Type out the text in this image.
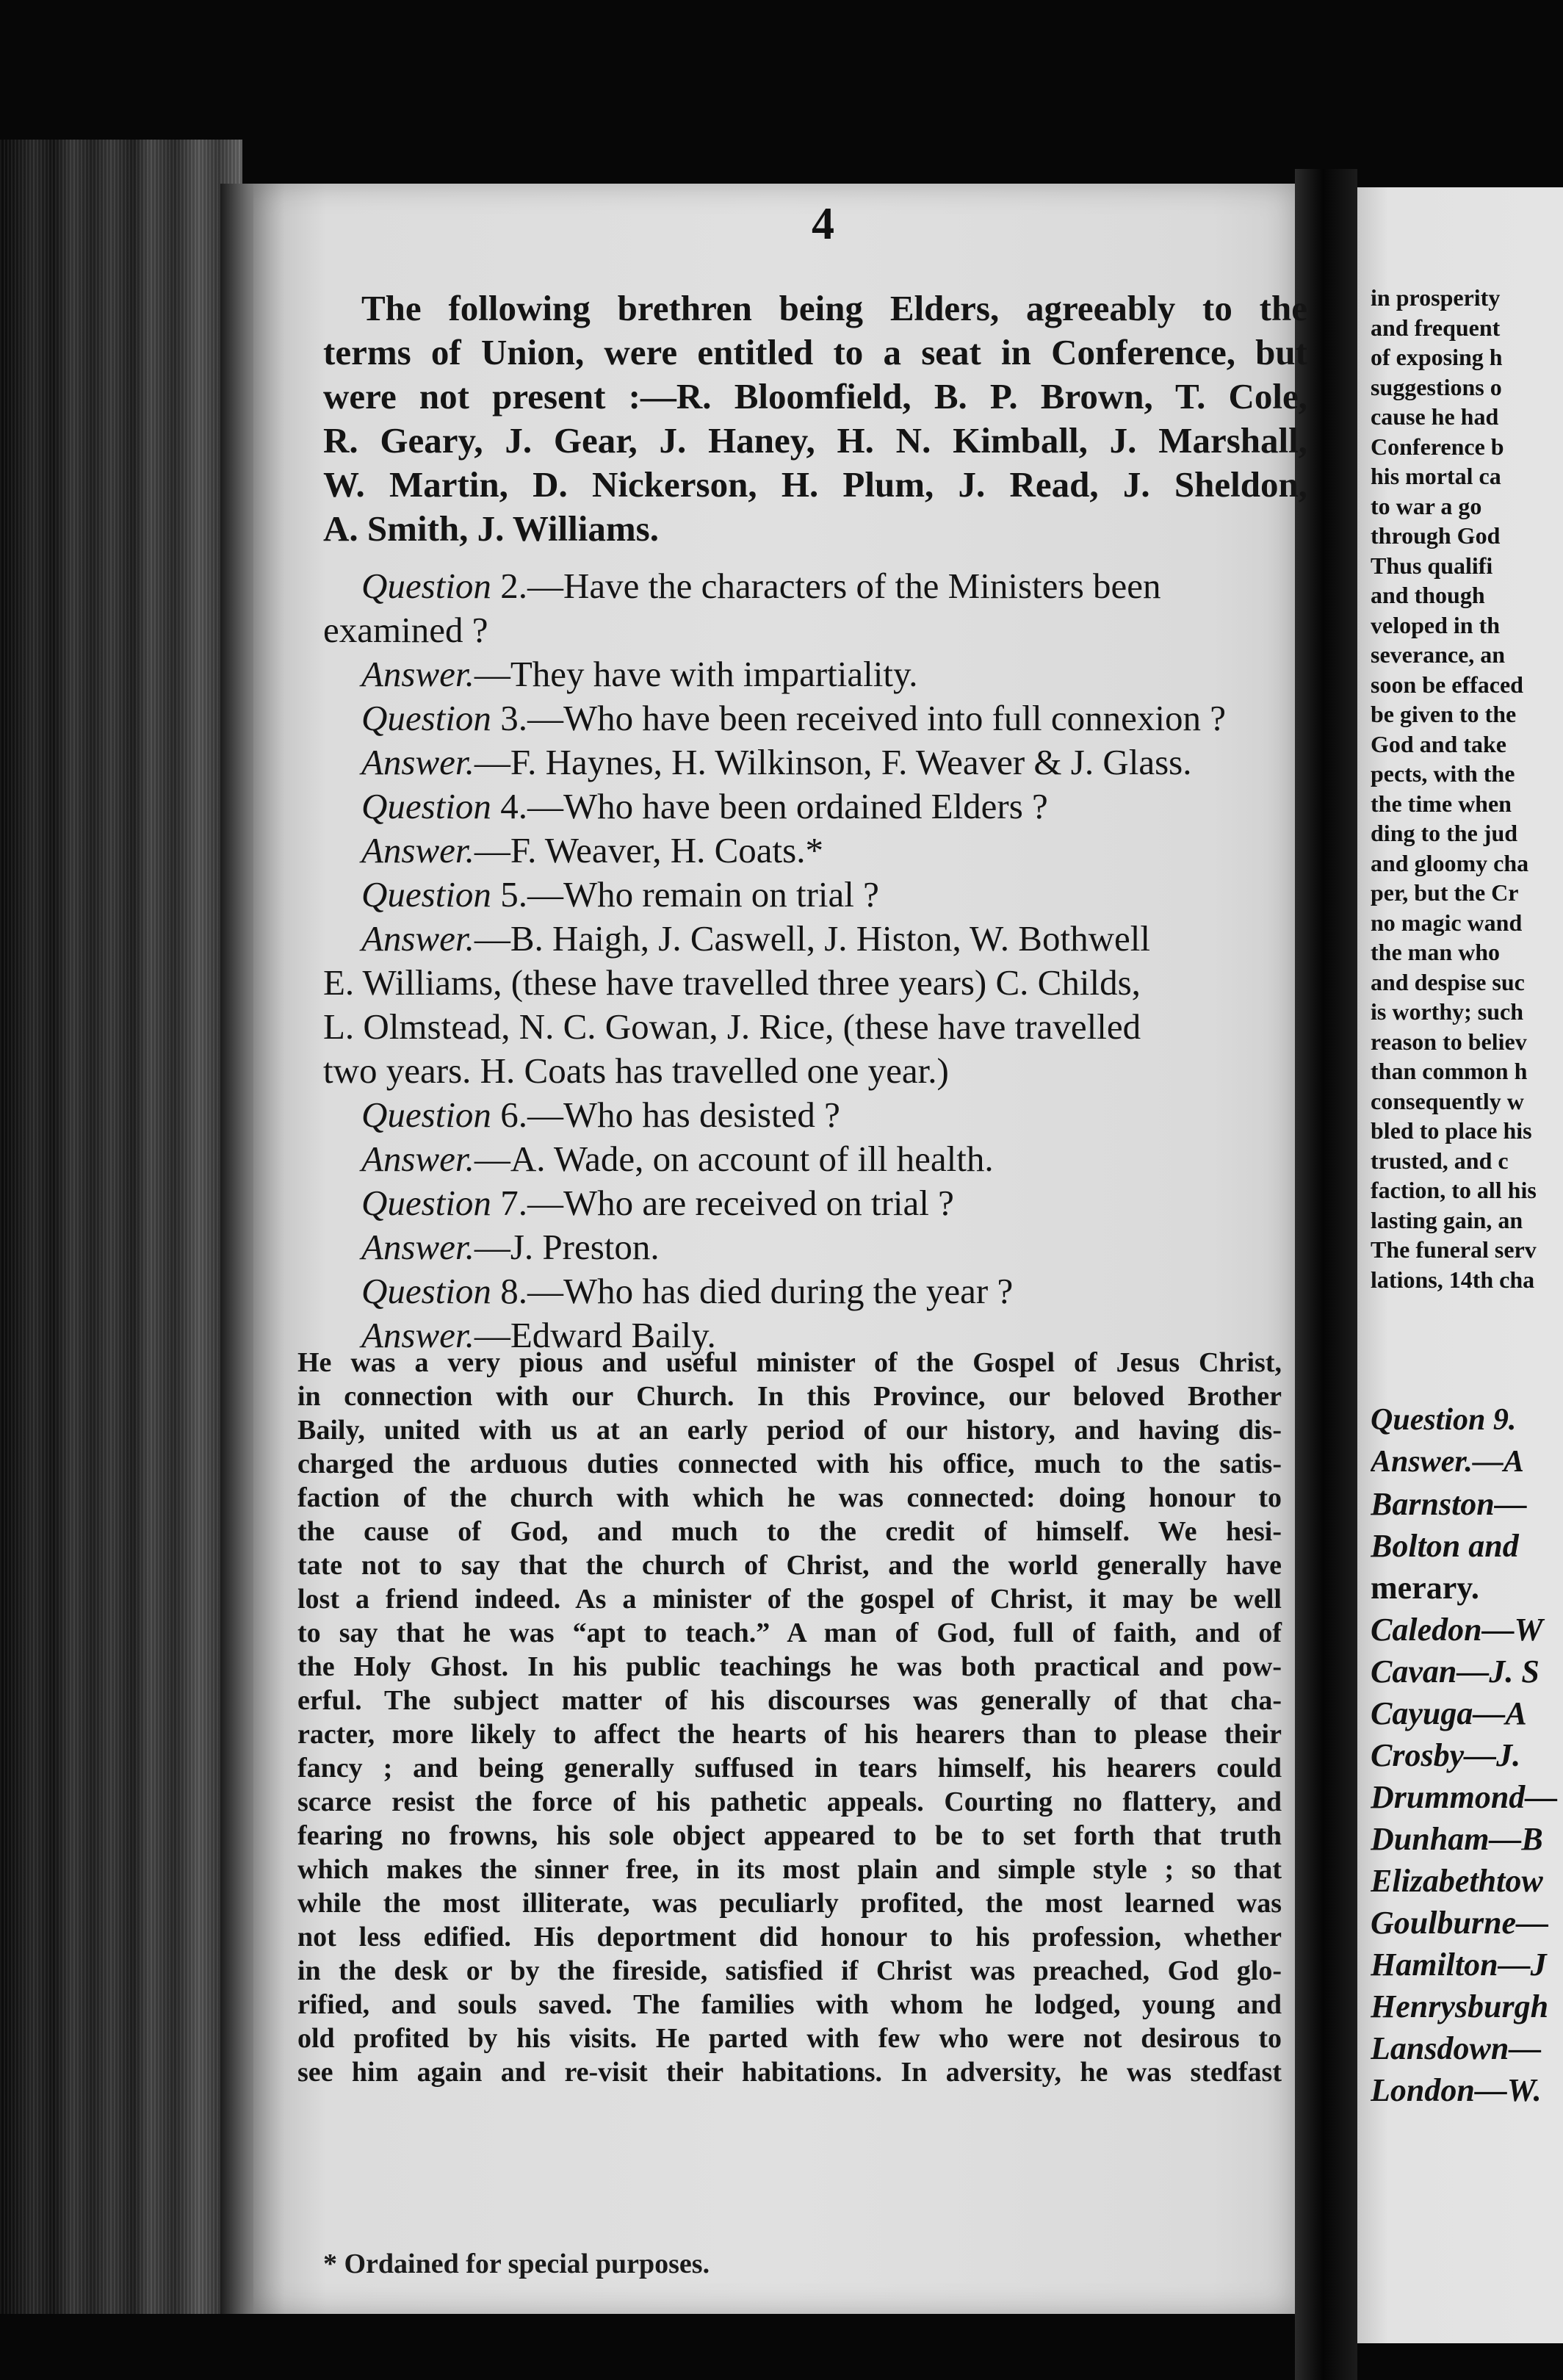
4
The following brethren being Elders, agreeably to the
terms of Union, were entitled to a seat in Conference, but
were not present :—R. Bloomfield, B. P. Brown, T. Cole,
R. Geary, J. Gear, J. Haney, H. N. Kimball, J. Marshall,
W. Martin, D. Nickerson, H. Plum, J. Read, J. Sheldon,
A. Smith, J. Williams.
Question 2.—Have the characters of the Ministers been
examined ?
Answer.—They have with impartiality.
Question 3.—Who have been received into full connexion ?
Answer.—F. Haynes, H. Wilkinson, F. Weaver & J. Glass.
Question 4.—Who have been ordained Elders ?
Answer.—F. Weaver, H. Coats.*
Question 5.—Who remain on trial ?
Answer.—B. Haigh, J. Caswell, J. Histon, W. Bothwell
E. Williams, (these have travelled three years) C. Childs,
L. Olmstead, N. C. Gowan, J. Rice, (these have travelled
two years. H. Coats has travelled one year.)
Question 6.—Who has desisted ?
Answer.—A. Wade, on account of ill health.
Question 7.—Who are received on trial ?
Answer.—J. Preston.
Question 8.—Who has died during the year ?
Answer.—Edward Baily.
He was a very pious and useful minister of the Gospel of Jesus Christ,
in connection with our Church. In this Province, our beloved Brother
Baily, united with us at an early period of our history, and having dis-
charged the arduous duties connected with his office, much to the satis-
faction of the church with which he was connected: doing honour to
the cause of God, and much to the credit of himself. We hesi-
tate not to say that the church of Christ, and the world generally have
lost a friend indeed. As a minister of the gospel of Christ, it may be well
to say that he was “apt to teach.” A man of God, full of faith, and of
the Holy Ghost. In his public teachings he was both practical and pow-
erful. The subject matter of his discourses was generally of that cha-
racter, more likely to affect the hearts of his hearers than to please their
fancy ; and being generally suffused in tears himself, his hearers could
scarce resist the force of his pathetic appeals. Courting no flattery, and
fearing no frowns, his sole object appeared to be to set forth that truth
which makes the sinner free, in its most plain and simple style ; so that
while the most illiterate, was peculiarly profited, the most learned was
not less edified. His deportment did honour to his profession, whether
in the desk or by the fireside, satisfied if Christ was preached, God glo-
rified, and souls saved. The families with whom he lodged, young and
old profited by his visits. He parted with few who were not desirous to
see him again and re-visit their habitations. In adversity, he was stedfast
* Ordained for special purposes.
in prosperity
and frequent
of exposing h
suggestions o
cause he had
Conference b
his mortal ca
to war a go
through God
Thus qualifi
and though
veloped in th
severance, an
soon be effaced
be given to the
God and take
pects, with the
the time when
ding to the jud
and gloomy cha
per, but the Cr
no magic wand
the man who
and despise suc
is worthy; such
reason to believ
than common h
consequently w
bled to place his
trusted, and c
faction, to all his
lasting gain, an
The funeral serv
lations, 14th cha
Question 9.
Answer.—A
Barnston—
Bolton and
merary.
Caledon—W
Cavan—J. S
Cayuga—A
Crosby—J.
Drummond—
Dunham—B
Elizabethtow
Goulburne—
Hamilton—J
Henrysburgh
Lansdown—
London—W.
